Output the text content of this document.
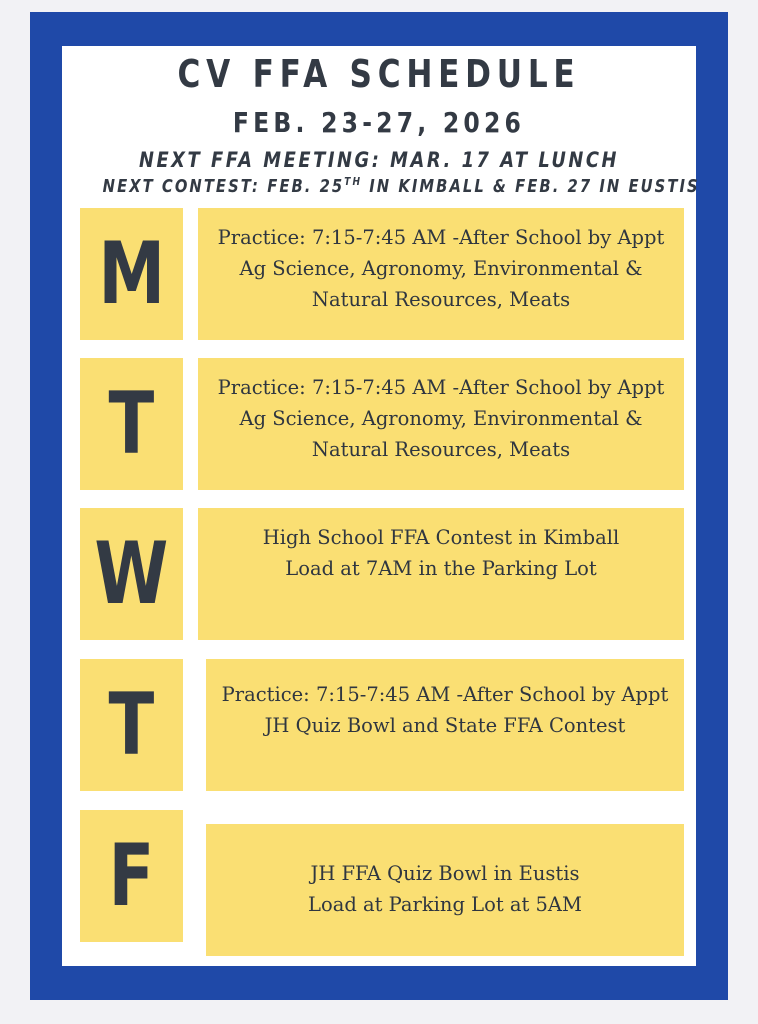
CV FFA SCHEDULE
FEB. 23-27, 2026
NEXT FFA MEETING: MAR. 17 AT LUNCH
NEXT CONTEST: FEB. 25TH IN KIMBALL & FEB. 27 IN EUSTIS
M	Practice: 7:15-7:45 AM -After School by Appt
Ag Science, Agronomy, Environmental &
Natural Resources, Meats
T	Practice: 7:15-7:45 AM -After School by Appt
Ag Science, Agronomy, Environmental &
Natural Resources, Meats
W	High School FFA Contest in Kimball
Load at 7AM in the Parking Lot
T	Practice: 7:15-7:45 AM -After School by Appt
JH Quiz Bowl and State FFA Contest
F	JH FFA Quiz Bowl in Eustis
Load at Parking Lot at 5AM
